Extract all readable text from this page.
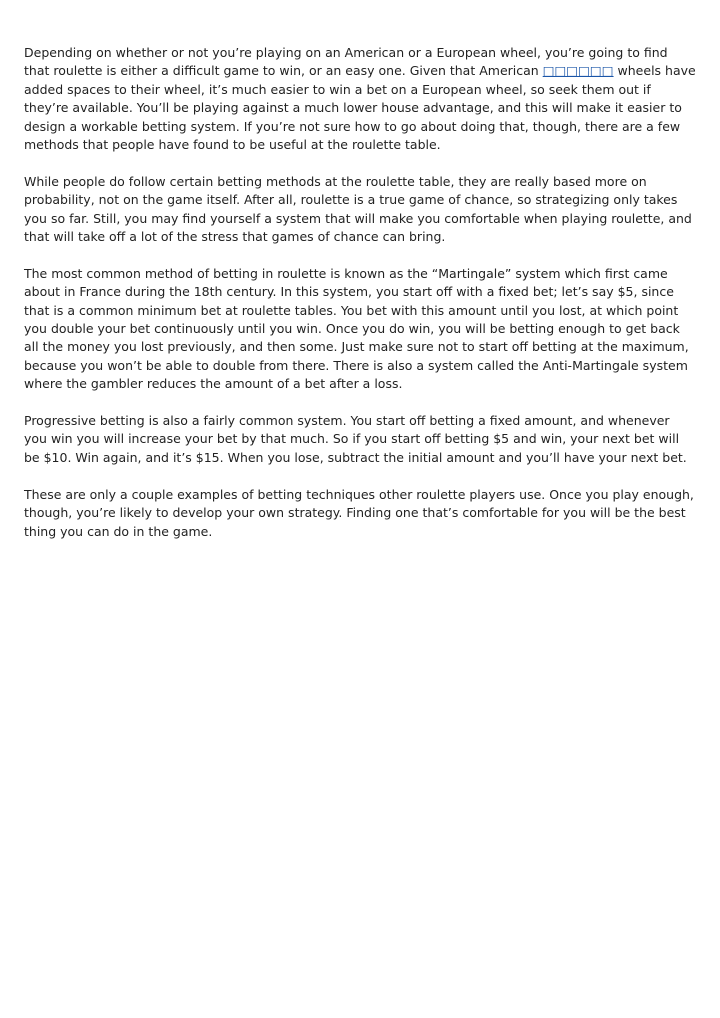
Depending on whether or not you’re playing on an American or a European wheel, you’re going to find that roulette is either a difficult game to win, or an easy one. Given that American □□□□□□ wheels have added spaces to their wheel, it’s much easier to win a bet on a European wheel, so seek them out if they’re available. You’ll be playing against a much lower house advantage, and this will make it easier to design a workable betting system. If you’re not sure how to go about doing that, though, there are a few methods that people have found to be useful at the roulette table.

While people do follow certain betting methods at the roulette table, they are really based more on probability, not on the game itself. After all, roulette is a true game of chance, so strategizing only takes you so far. Still, you may find yourself a system that will make you comfortable when playing roulette, and that will take off a lot of the stress that games of chance can bring.

The most common method of betting in roulette is known as the “Martingale” system which first came about in France during the 18th century. In this system, you start off with a fixed bet; let’s say $5, since that is a common minimum bet at roulette tables. You bet with this amount until you lost, at which point you double your bet continuously until you win. Once you do win, you will be betting enough to get back all the money you lost previously, and then some. Just make sure not to start off betting at the maximum, because you won’t be able to double from there. There is also a system called the Anti-Martingale system where the gambler reduces the amount of a bet after a loss.

Progressive betting is also a fairly common system. You start off betting a fixed amount, and whenever you win you will increase your bet by that much. So if you start off betting $5 and win, your next bet will be $10. Win again, and it’s $15. When you lose, subtract the initial amount and you’ll have your next bet.

These are only a couple examples of betting techniques other roulette players use. Once you play enough, though, you’re likely to develop your own strategy. Finding one that’s comfortable for you will be the best thing you can do in the game.
